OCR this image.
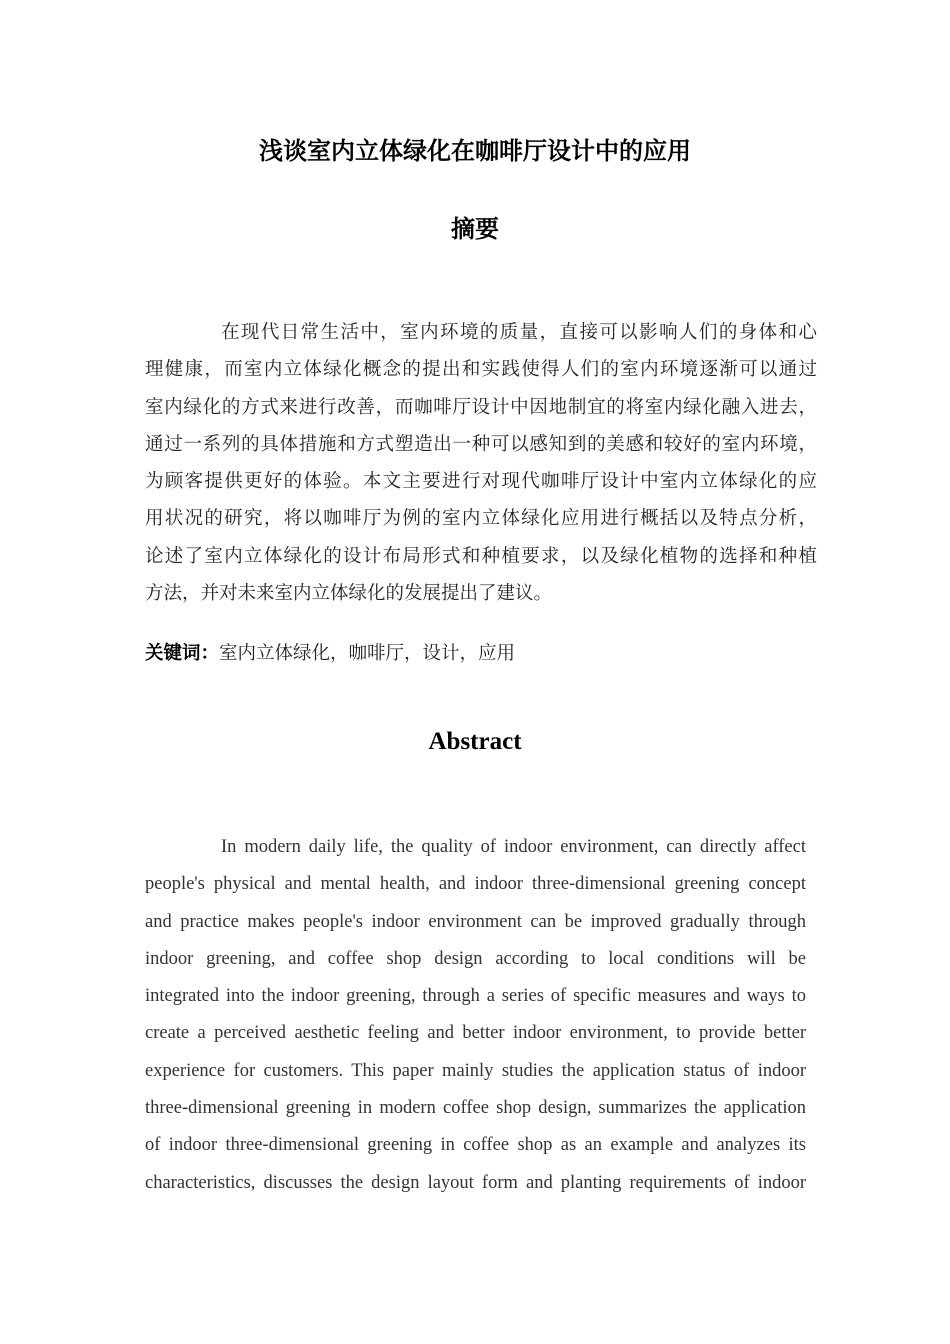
浅谈室内立体绿化在咖啡厅设计中的应用
摘要
在现代日常生活中，室内环境的质量，直接可以影响人们的身体和心
理健康，而室内立体绿化概念的提出和实践使得人们的室内环境逐渐可以通过
室内绿化的方式来进行改善，而咖啡厅设计中因地制宜的将室内绿化融入进去，
通过一系列的具体措施和方式塑造出一种可以感知到的美感和较好的室内环境，
为顾客提供更好的体验。本文主要进行对现代咖啡厅设计中室内立体绿化的应
用状况的研究，将以咖啡厅为例的室内立体绿化应用进行概括以及特点分析，
论述了室内立体绿化的设计布局形式和种植要求，以及绿化植物的选择和种植
方法，并对未来室内立体绿化的发展提出了建议。

关键词：室内立体绿化，咖啡厅，设计，应用

Abstract
In modern daily life, the quality of indoor environment, can directly affect
people's physical and mental health, and indoor three-dimensional greening concept
and practice makes people's indoor environment can be improved gradually through
indoor greening, and coffee shop design according to local conditions will be
integrated into the indoor greening, through a series of specific measures and ways to
create a perceived aesthetic feeling and better indoor environment, to provide better
experience for customers. This paper mainly studies the application status of indoor
three-dimensional greening in modern coffee shop design, summarizes the application
of indoor three-dimensional greening in coffee shop as an example and analyzes its
characteristics, discusses the design layout form and planting requirements of indoor
